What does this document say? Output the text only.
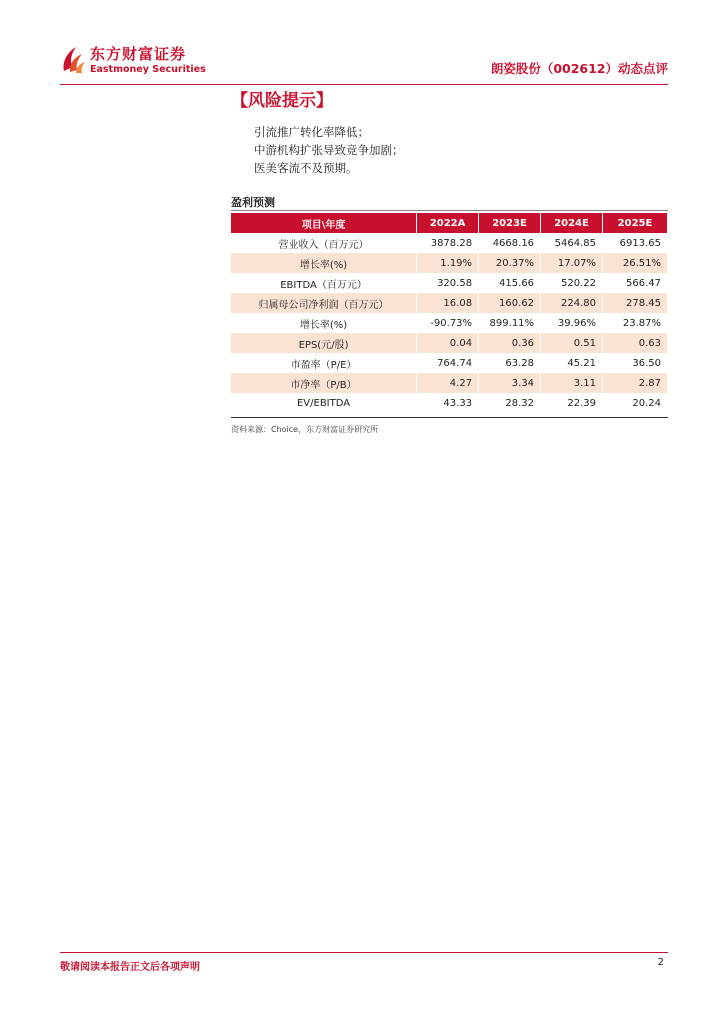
东方财富证券
Eastmoney Securities	朗姿股份（002612）动态点评
【风险提示】
引流推广转化率降低；
中游机构扩张导致竞争加剧；
医美客流不及预期。
盈利预测
项目\年度	2022A	2023E	2024E	2025E
营业收入（百万元）	3878.28	4668.16	5464.85	6913.65
增长率(%)	1.19%	20.37%	17.07%	26.51%
EBITDA（百万元）	320.58	415.66	520.22	566.47
归属母公司净利润（百万元）	16.08	160.62	224.80	278.45
增长率(%)	-90.73%	899.11%	39.96%	23.87%
EPS(元/股)	0.04	0.36	0.51	0.63
市盈率（P/E）	764.74	63.28	45.21	36.50
市净率（P/B）	4.27	3.34	3.11	2.87
EV/EBITDA	43.33	28.32	22.39	20.24
资料来源：Choice，东方财富证券研究所
敬请阅读本报告正文后各项声明	2
